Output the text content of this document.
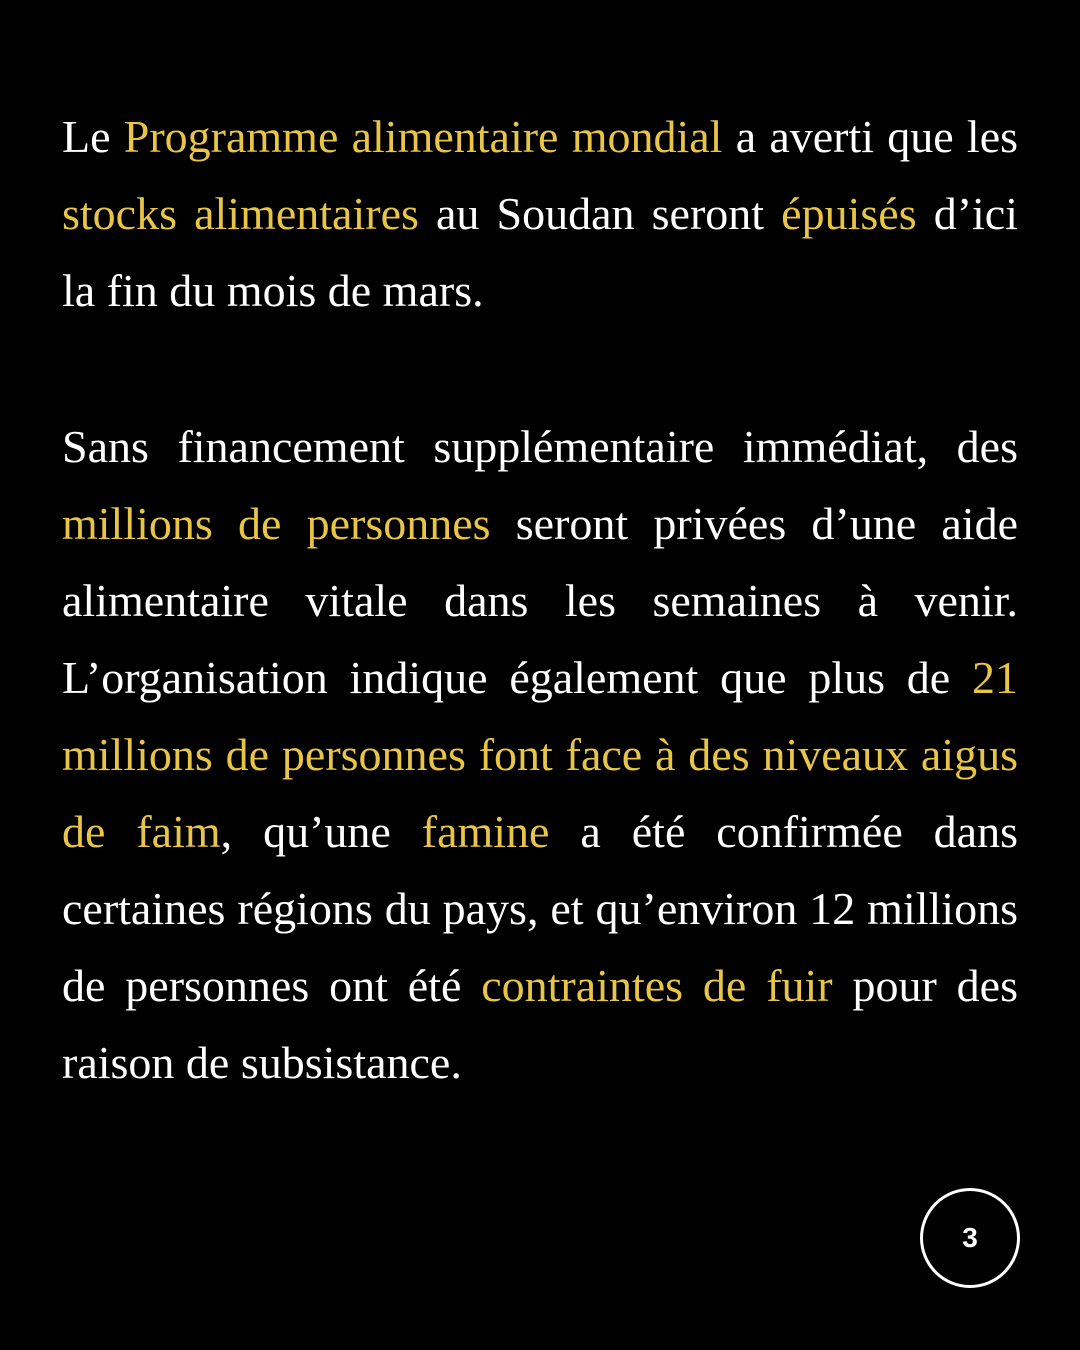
Le Programme alimentaire mondial a averti que les stocks alimentaires au Soudan seront épuisés d’ici la fin du mois de mars.

Sans financement supplémentaire immédiat, des millions de personnes seront privées d’une aide alimentaire vitale dans les semaines à venir. L’organisation indique également que plus de 21 millions de personnes font face à des niveaux aigus de faim, qu’une famine a été confirmée dans certaines régions du pays, et qu’environ 12 millions de personnes ont été contraintes de fuir pour des raison de subsistance.

3
